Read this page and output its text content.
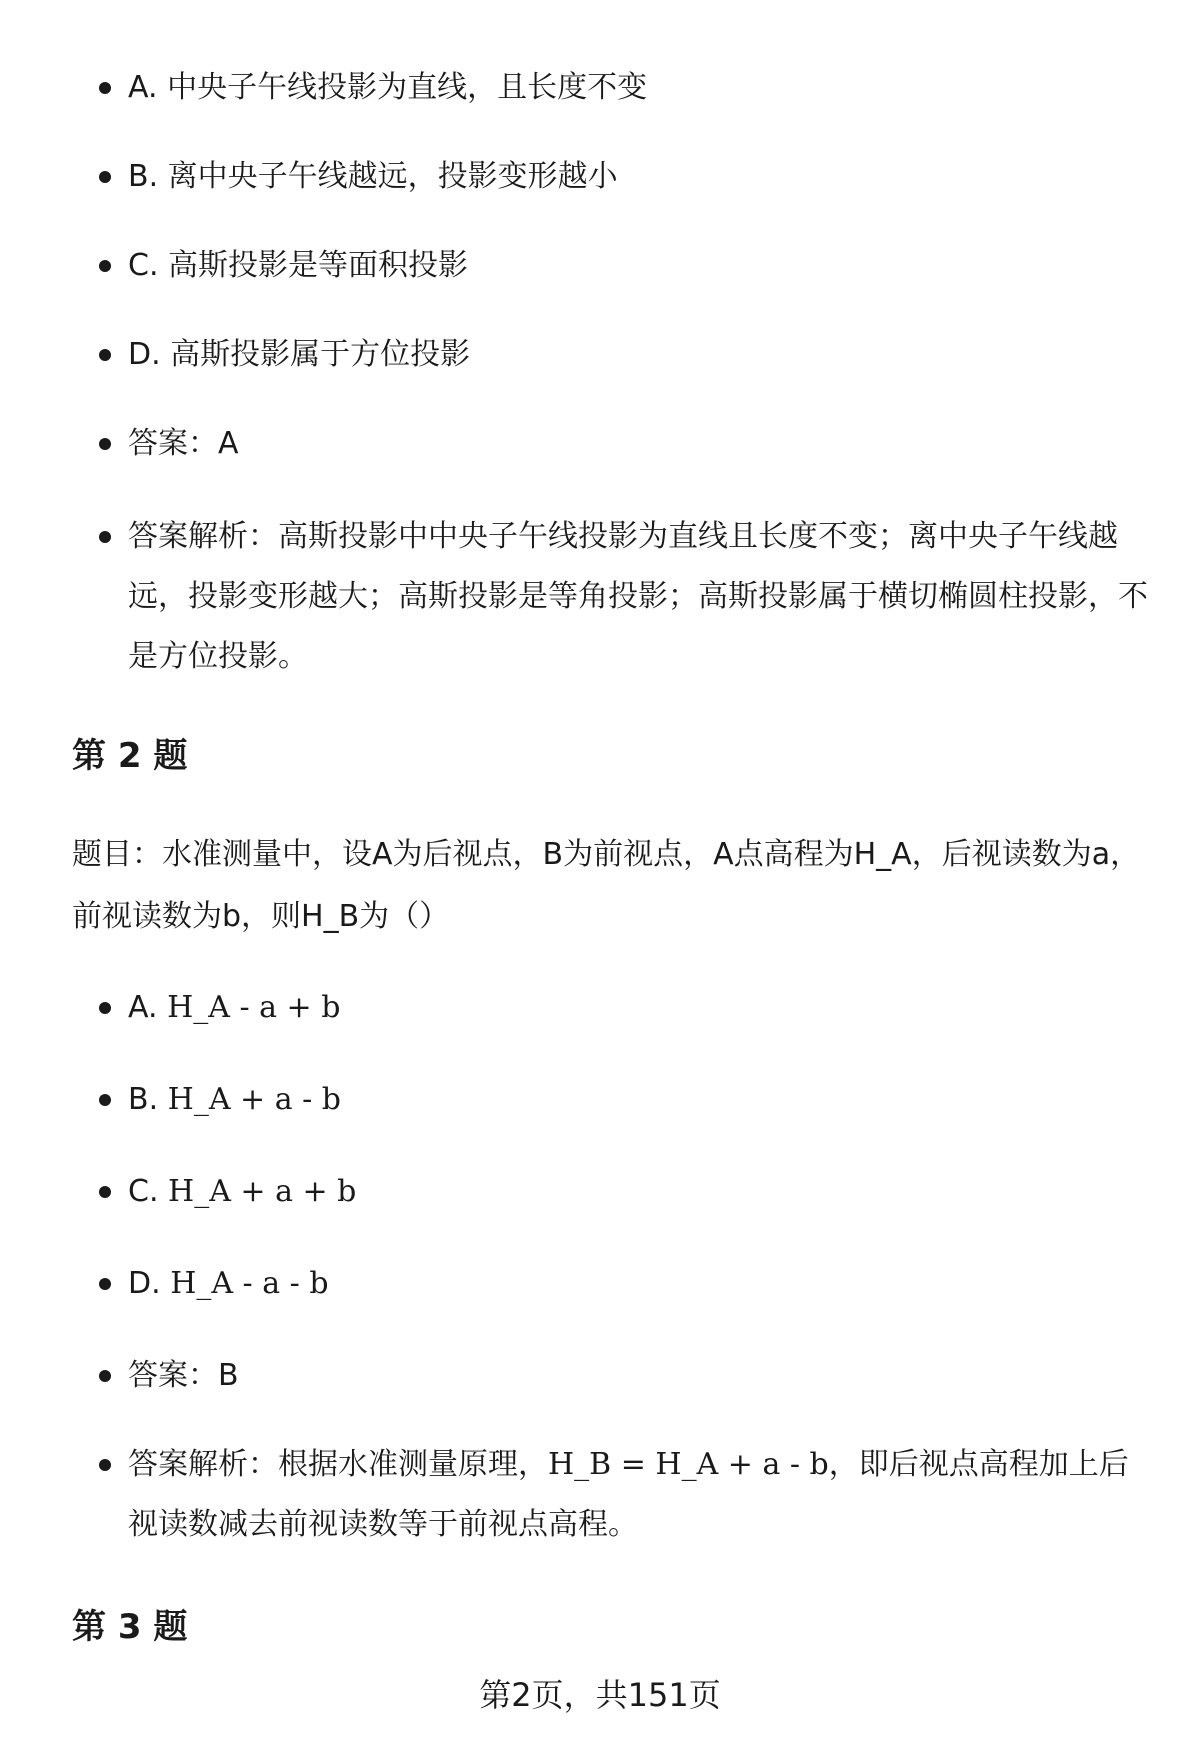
A. 中央子午线投影为直线，且长度不变
B. 离中央子午线越远，投影变形越小
C. 高斯投影是等面积投影
D. 高斯投影属于方位投影
答案：A
答案解析：高斯投影中中央子午线投影为直线且长度不变；离中央子午线越远，投影变形越大；高斯投影是等角投影；高斯投影属于横切椭圆柱投影，不是方位投影。
第 2 题
题目：水准测量中，设A为后视点，B为前视点，A点高程为H_A，后视读数为a，
前视读数为b，则H_B为（）
A. H_A - a + b
B. H_A + a - b
C. H_A + a + b
D. H_A - a - b
答案：B
答案解析：根据水准测量原理，H_B = H_A + a - b，即后视点高程加上后视读数减去前视读数等于前视点高程。
第 3 题
第2页，共151页
